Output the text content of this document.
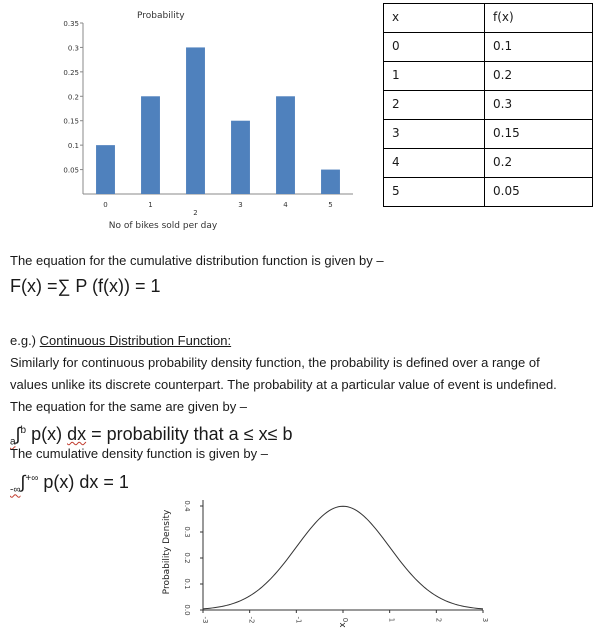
Probability
0.05
0.1
0.15
0.2
0.25
0.3
0.35
0	1
2
3	4	5
No of bikes sold per day
x	f(x)
0	0.1
1	0.2
2	0.3
3	0.15
4	0.2
5	0.05
The equation for the cumulative distribution function is given by –
F(x) =∑ P (f(x)) = 1
e.g.) Continuous Distribution Function:
Similarly for continuous probability density function, the probability is defined over a range of
values unlike its discrete counterpart. The probability at a particular value of event is undefined.
The equation for the same are given by –
$_a$∫$^b$ p(x) dx = probability that a ≤ x≤ b
The cumulative density function is given by –
$_{-\infty}$∫+∞ p(x) dx = 1
Probability Density
0.0
0.1
0.2
0.3
0.4
-3	-2	-1	0	1	2	3
x
